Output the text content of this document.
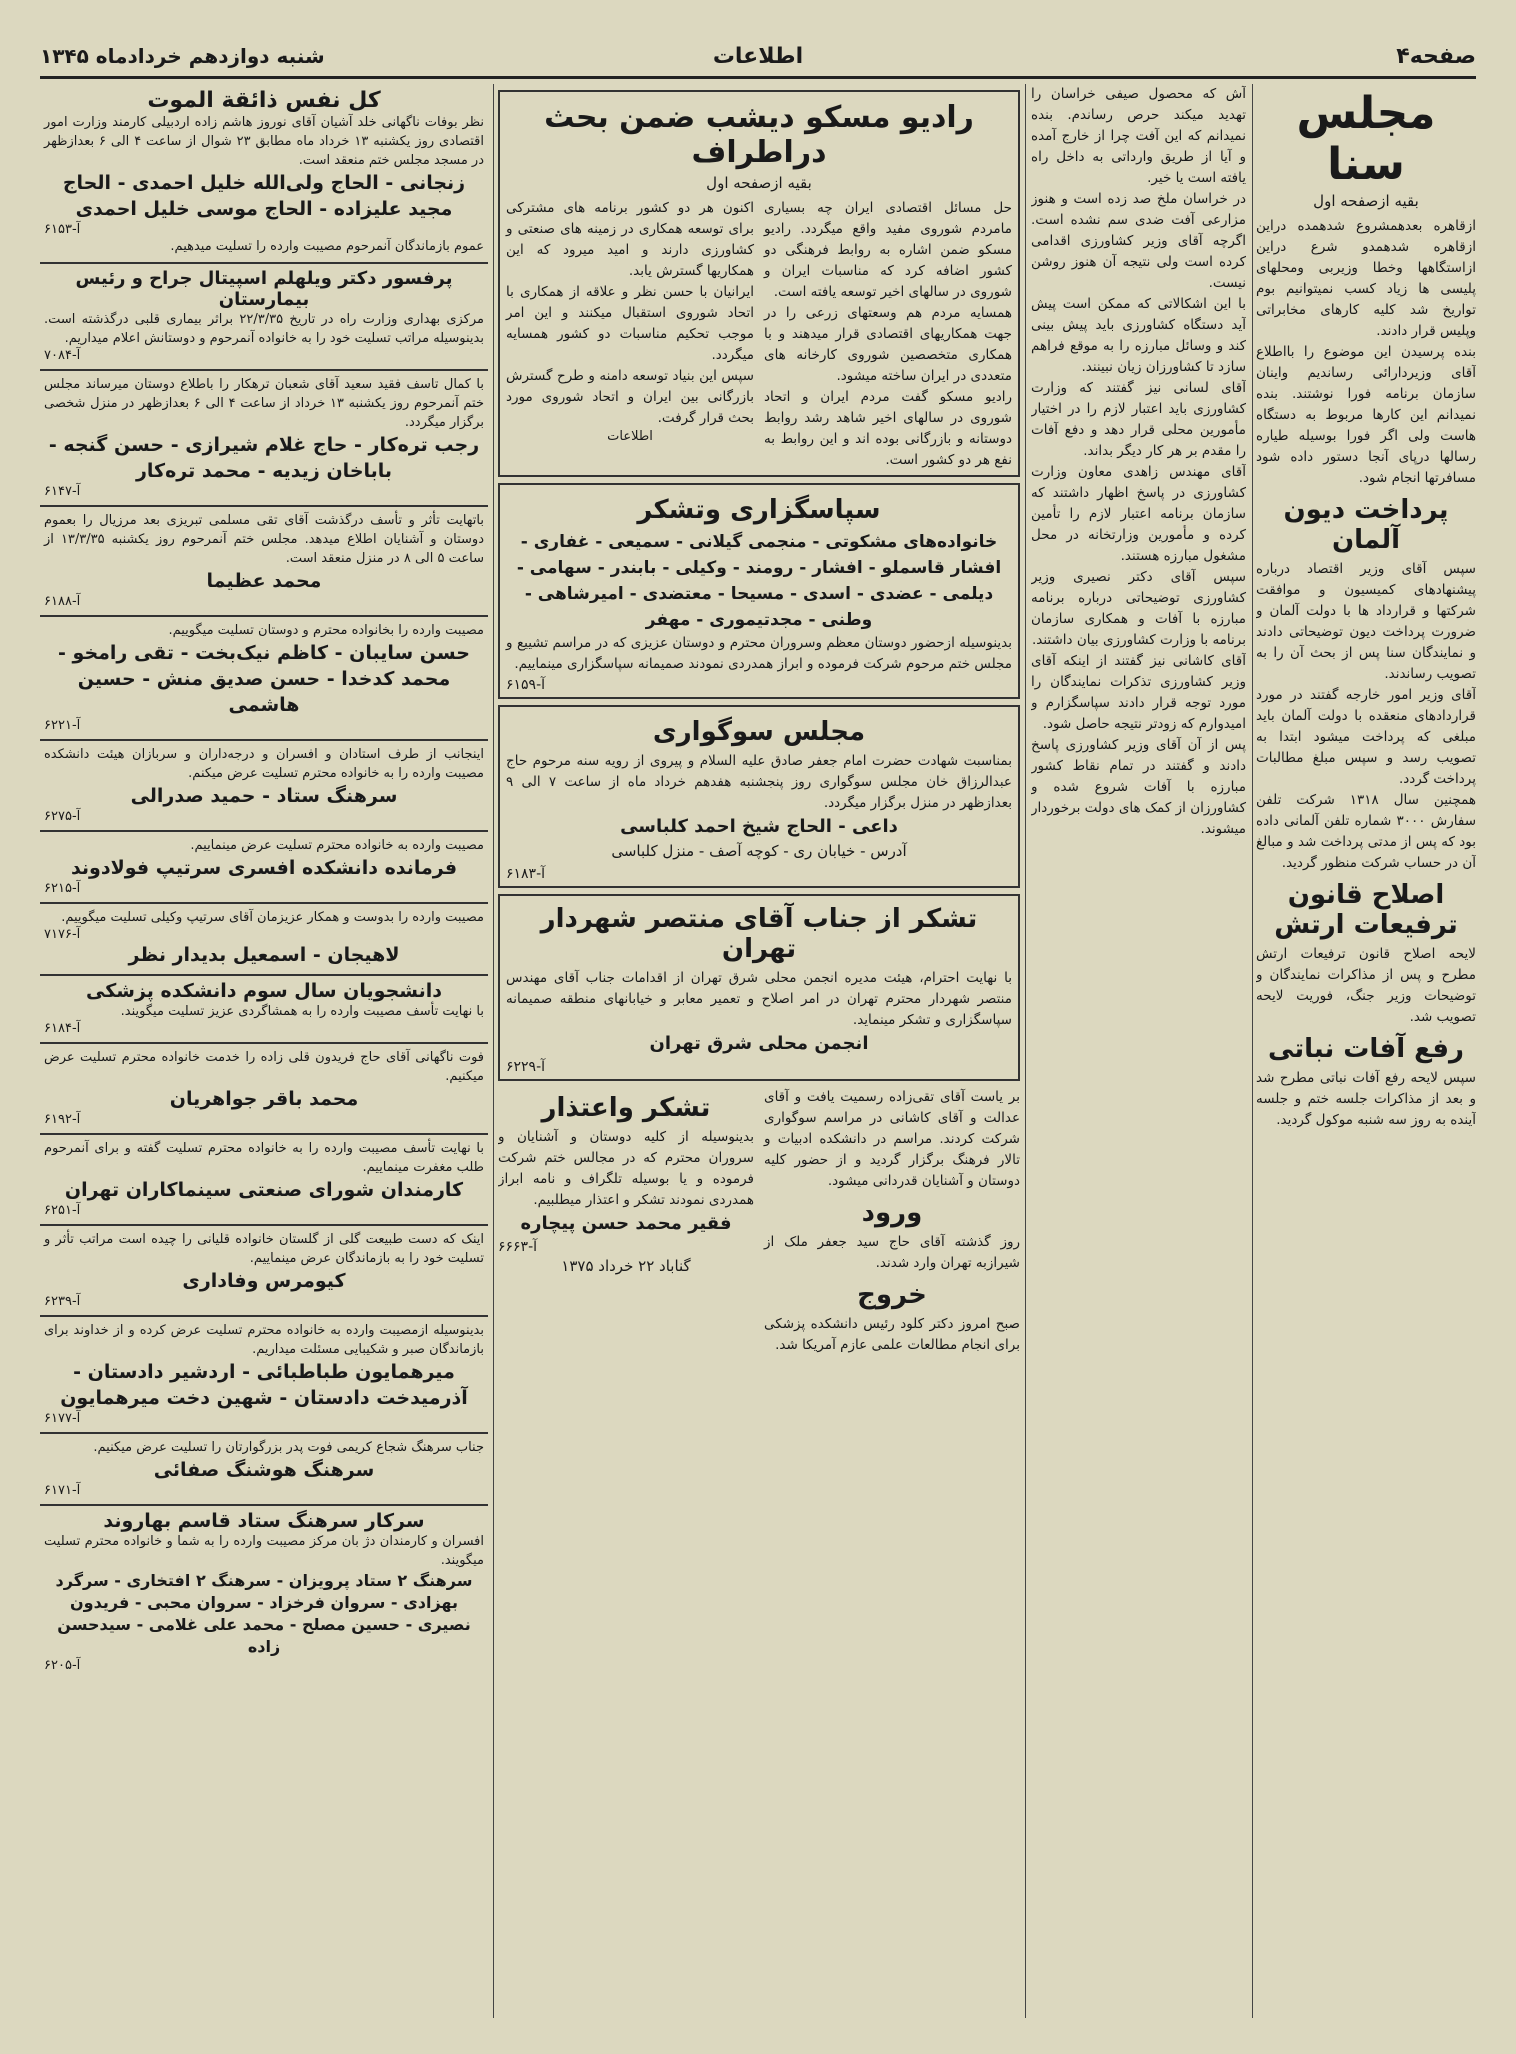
صفحه۴
اطلاعات
شنبه دوازدهم خردادماه ۱۳۴۵
مجلس سنا
بقیه ازصفحه اول

ازقاهره بعدهمشروع شدهمده دراین ازقاهره شدهمدو شرع دراین ازاستگاهها وخطا وزیربی ومحلهای پلیسی ها زیاد کسب نمیتوانیم بوم تواریخ شد کلیه کارهای مخابراتی وپلیس قرار دادند.

بنده پرسیدن این موضوع را بااطلاع آقای وزیردارائی رساندیم واینان سازمان برنامه فورا نوشتند. بنده نمیدانم این کارها مربوط به دستگاه هاست ولی اگر فورا بوسیله طیاره رسالها درپای آنجا دستور داده شود مسافرتها انجام شود.

پرداخت دیون آلمان

سپس آقای وزیر اقتصاد درباره پیشنهادهای کمیسیون و موافقت شرکتها و قرارداد ها با دولت آلمان و ضرورت پرداخت دیون توضیحاتی دادند و نمایندگان سنا پس از بحث آن را به تصویب رساندند.

آقای وزیر امور خارجه گفتند در مورد قراردادهای منعقده با دولت آلمان باید مبلغی که پرداخت میشود ابتدا به تصویب رسد و سپس مبلغ مطالبات پرداخت گردد.

همچنین سال ۱۳۱۸ شرکت تلفن سفارش ۳۰۰۰ شماره تلفن آلمانی داده بود که پس از مدتی پرداخت شد و مبالغ آن در حساب شرکت منظور گردید.

اصلاح قانون ترفیعات ارتش

لایحه اصلاح قانون ترفیعات ارتش مطرح و پس از مذاکرات نمایندگان و توضیحات وزیر جنگ، فوریت لایحه تصویب شد.

رفع آفات نباتی

سپس لایحه رفع آفات نباتی مطرح شد و بعد از مذاکرات جلسه ختم و جلسه آینده به روز سه شنبه موکول گردید.

آش که محصول صیفی خراسان را تهدید میکند حرص رساندم. بنده نمیدانم که این آفت چرا از خارج آمده و آیا از طریق وارداتی به داخل راه یافته است یا خیر.

در خراسان ملخ صد زده است و هنوز مزارعی آفت ضدی سم نشده است. اگرچه آقای وزیر کشاورزی اقدامی کرده است ولی نتیجه آن هنوز روشن نیست.

با این اشکالاتی که ممکن است پیش آید دستگاه کشاورزی باید پیش بینی کند و وسائل مبارزه را به موقع فراهم سازد تا کشاورزان زیان نبینند.

آقای لسانی نیز گفتند که وزارت کشاورزی باید اعتبار لازم را در اختیار مأمورین محلی قرار دهد و دفع آفات را مقدم بر هر کار دیگر بداند.

آقای مهندس زاهدی معاون وزارت کشاورزی در پاسخ اظهار داشتند که سازمان برنامه اعتبار لازم را تأمین کرده و مأمورین وزارتخانه در محل مشغول مبارزه هستند.

سپس آقای دکتر نصیری وزیر کشاورزی توضیحاتی درباره برنامه مبارزه با آفات و همکاری سازمان برنامه با وزارت کشاورزی بیان داشتند.

آقای کاشانی نیز گفتند از اینکه آقای وزیر کشاورزی تذکرات نمایندگان را مورد توجه قرار دادند سپاسگزارم و امیدوارم که زودتر نتیجه حاصل شود.

پس از آن آقای وزیر کشاورزی پاسخ دادند و گفتند در تمام نقاط کشور مبارزه با آفات شروع شده و کشاورزان از کمک های دولت برخوردار میشوند.

رادیو مسکو دیشب ضمن بحث دراطراف
بقیه ازصفحه اول

حل مسائل اقتصادی ایران چه بسیاری مامردم شوروی مفید واقع میگردد. رادیو مسکو ضمن اشاره به روابط فرهنگی دو کشور اضافه کرد که مناسبات ایران و شوروی در سالهای اخیر توسعه یافته است.

همسایه مردم هم وسعتهای زرعی را در جهت همکاریهای اقتصادی قرار میدهند و با همکاری متخصصین شوروی کارخانه های متعددی در ایران ساخته میشود.

رادیو مسکو گفت مردم ایران و اتحاد شوروی در سالهای اخیر شاهد رشد روابط دوستانه و بازرگانی بوده اند و این روابط به نفع هر دو کشور است.

اکنون هر دو کشور برنامه های مشترکی برای توسعه همکاری در زمینه های صنعتی و کشاورزی دارند و امید میرود که این همکاریها گسترش یابد.

ایرانیان با حسن نظر و علاقه از همکاری با اتحاد شوروی استقبال میکنند و این امر موجب تحکیم مناسبات دو کشور همسایه میگردد.

سپس این بنیاد توسعه دامنه و طرح گسترش بازرگانی بین ایران و اتحاد شوروی مورد بحث قرار گرفت.

اطلاعات
سپاسگزاری وتشکر
خانواده‌های مشکوتی - منجمی گیلانی - سمیعی - غفاری - افشار قاسملو - افشار - رومند - وکیلی - بابندر - سهامی - دیلمی - عضدی - اسدی - مسیحا - معتضدی - امیرشاهی - وطنی - مجدتیموری - مهفر

بدینوسیله ازحضور دوستان معظم وسروران محترم و دوستان عزیزی که در مراسم تشییع و مجلس ختم مرحوم شرکت فرموده و ابراز همدردی نمودند صمیمانه سپاسگزاری مینماییم.

آ-۶۱۵۹
مجلس سوگواری

بمناسبت شهادت حضرت امام جعفر صادق علیه السلام و پیروی از رویه سنه مرحوم حاج عبدالرزاق خان مجلس سوگواری روز پنجشنبه هفدهم خرداد ماه از ساعت ۷ الی ۹ بعدازظهر در منزل برگزار میگردد.

داعی - الحاج شیخ احمد کلباسی
آدرس - خیابان ری - کوچه آصف - منزل کلباسی
آ-۶۱۸۳
تشکر از جناب آقای منتصر شهردار تهران

با نهایت احترام، هیئت مدیره انجمن محلی شرق تهران از اقدامات جناب آقای مهندس منتصر شهردار محترم تهران در امر اصلاح و تعمیر معابر و خیابانهای منطقه صمیمانه سپاسگزاری و تشکر مینماید.

انجمن محلی شرق تهران
آ-۶۲۲۹

بر یاست آقای تقی‌زاده رسمیت یافت و آقای عدالت و آقای کاشانی در مراسم سوگواری شرکت کردند. مراسم در دانشکده ادبیات و تالار فرهنگ برگزار گردید و از حضور کلیه دوستان و آشنایان قدردانی میشود.

ورود

روز گذشته آقای حاج سید جعفر ملک از شیرازبه تهران وارد شدند.

خروج

صبح امروز دکتر کلود رئیس دانشکده پزشکی برای انجام مطالعات علمی عازم آمریکا شد.

تشکر واعتذار

بدینوسیله از کلیه دوستان و آشنایان و سروران محترم که در مجالس ختم شرکت فرموده و یا بوسیله تلگراف و نامه ابراز همدردی نمودند تشکر و اعتذار میطلبیم.

فقیر محمد حسن پیچاره
آ-۶۶۶۳
گناباد ۲۲ خرداد ۱۳۷۵
کل نفس ذائقة الموت
نظر بوفات ناگهانی خلد آشیان آقای نوروز هاشم زاده اردبیلی کارمند وزارت امور اقتصادی روز یکشنبه ۱۳ خرداد ماه مطابق ۲۳ شوال از ساعت ۴ الی ۶ بعدازظهر در مسجد مجلس ختم منعقد است.
زنجانی - الحاج ولی‌الله خلیل احمدی - الحاج مجید علیزاده - الحاج موسی خلیل احمدی
آ-۶۱۵۳
عموم بازماندگان آنمرحوم مصیبت وارده را تسلیت میدهیم.
پرفسور دکتر ویلهلم اسپیتال جراح و رئیس بیمارستان
مرکزی بهداری وزارت راه در تاریخ ۲۲/۳/۳۵ براثر بیماری قلبی درگذشته است. بدینوسیله مراتب تسلیت خود را به خانواده آنمرحوم و دوستانش اعلام میداریم.
آ-۷۰۸۴
با کمال تاسف فقید سعید آقای شعبان ترهکار را باطلاع دوستان میرساند مجلس ختم آنمرحوم روز یکشنبه ۱۳ خرداد از ساعت ۴ الی ۶ بعدازظهر در منزل شخصی برگزار میگردد.
رجب تره‌کار - حاج غلام شیرازی - حسن گنجه - باباخان زیدیه - محمد تره‌کار
آ-۶۱۴۷
باتهایت تأثر و تأسف درگذشت آقای تقی مسلمی تبریزی بعد مرزیال را بعموم دوستان و آشنایان اطلاع میدهد. مجلس ختم آنمرحوم روز یکشنبه ۱۳/۳/۳۵ از ساعت ۵ الی ۸ در منزل منعقد است.
محمد عظیما
آ-۶۱۸۸
مصیبت وارده را بخانواده محترم و دوستان تسلیت میگوییم.
حسن سایبان - کاظم نیک‌بخت - تقی رامخو - محمد کدخدا - حسن صدیق منش - حسین هاشمی
آ-۶۲۲۱
اینجانب از طرف استادان و افسران و درجه‌داران و سربازان هیئت دانشکده مصیبت وارده را به خانواده محترم تسلیت عرض میکنم.
سرهنگ ستاد - حمید صدرالی
آ-۶۲۷۵
مصیبت وارده به خانواده محترم تسلیت عرض مینماییم.
فرمانده دانشکده افسری سرتیپ فولادوند
آ-۶۲۱۵
مصیبت وارده را بدوست و همکار عزیزمان آقای سرتیپ وکیلی تسلیت میگوییم.
آ-۷۱۷۶
لاهیجان - اسمعیل بدیدار نظر
دانشجویان سال سوم دانشکده پزشکی
با نهایت تأسف مصیبت وارده را به همشاگردی عزیز تسلیت میگویند.
آ-۶۱۸۴
فوت ناگهانی آقای حاج فریدون قلی زاده را خدمت خانواده محترم تسلیت عرض میکنیم.
محمد باقر جواهریان
آ-۶۱۹۲
با نهایت تأسف مصیبت وارده را به خانواده محترم تسلیت گفته و برای آنمرحوم طلب مغفرت مینماییم.
کارمندان شورای صنعتی سینماکاران تهران
آ-۶۲۵۱
اینک که دست طبیعت گلی از گلستان خانواده قلیانی را چیده است مراتب تأثر و تسلیت خود را به بازماندگان عرض مینماییم.
کیومرس وفاداری
آ-۶۲۳۹
بدینوسیله ازمصیبت وارده به خانواده محترم تسلیت عرض کرده و از خداوند برای بازماندگان صبر و شکیبایی مسئلت میداریم.
میرهمایون طباطبائی - اردشیر دادستان - آذرمیدخت دادستان - شهین دخت میرهمایون
آ-۶۱۷۷
جناب سرهنگ شجاع کریمی فوت پدر بزرگوارتان را تسلیت عرض میکنیم.
سرهنگ هوشنگ صفائی
آ-۶۱۷۱
سرکار سرهنگ ستاد قاسم بهاروند
افسران و کارمندان دژ بان مرکز مصیبت وارده را به شما و خانواده محترم تسلیت میگویند.
سرهنگ ۲ ستاد پرویزان - سرهنگ ۲ افتخاری - سرگرد بهزادی - سروان فرخزاد - سروان محبی - فریدون نصیری - حسین مصلح - محمد علی غلامی - سیدحسن زاده
آ-۶۲۰۵
